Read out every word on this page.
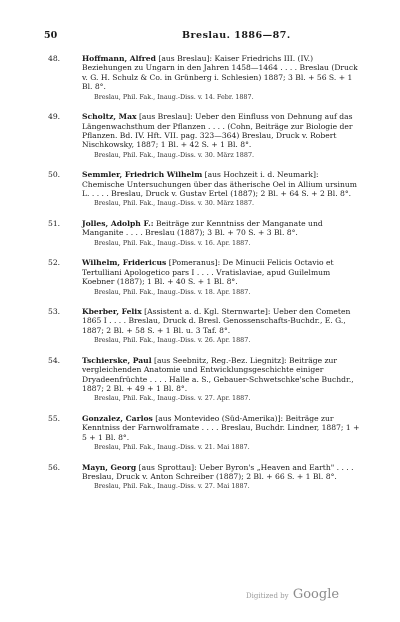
50	Breslau. 1886—87.
48.	Hoffmann, Alfred [aus Breslau]: Kaiser Friedrichs III. (IV.) Beziehungen zu Ungarn in den Jahren 1458—1464 . . . . Breslau (Druck v. G. H. Schulz & Co. in Grünberg i. Schlesien) 1887; 3 Bl. + 56 S. + 1 Bl. 8°.
Breslau, Phil. Fak., Inaug.-Diss. v. 14. Febr. 1887.
49.	Scholtz, Max [aus Breslau]: Ueber den Einfluss von Dehnung auf das Längenwachsthum der Pflanzen . . . . (Cohn, Beiträge zur Biologie der Pflanzen. Bd. IV. Hft. VII. pag. 323—364) Breslau, Druck v. Robert Nischkowsky, 1887; 1 Bl. + 42 S. + 1 Bl. 8°.
Breslau, Phil. Fak., Inaug.-Diss. v. 30. März 1887.
50.	Semmler, Friedrich Wilhelm [aus Hochzeit i. d. Neumark]: Chemische Untersuchungen über das ätherische Oel in Allium ursinum L. . . . . Breslau, Druck v. Gustav Ertel (1887); 2 Bl. + 64 S. + 2 Bl. 8°.
Breslau, Phil. Fak., Inaug.-Diss. v. 30. März 1887.
51.	Jolles, Adolph F.: Beiträge zur Kenntniss der Manganate und Manganite . . . . Breslau (1887); 3 Bl. + 70 S. + 3 Bl. 8°.
Breslau, Phil. Fak., Inaug.-Diss. v. 16. Apr. 1887.
52.	Wilhelm, Fridericus [Pomeranus]: De Minucii Felicis Octavio et Tertulliani Apologetico pars I . . . . Vratislaviae, apud Guilelmum Koebner (1887); 1 Bl. + 40 S. + 1 Bl. 8°.
Breslau, Phil. Fak., Inaug.-Diss. v. 18. Apr. 1887.
53.	Kberber, Felix [Assistent a. d. Kgl. Sternwarte]: Ueber den Cometen 1865 I . . . . Breslau, Druck d. Bresl. Genossenschafts-Buchdr., E. G., 1887; 2 Bl. + 58 S. + 1 Bl. u. 3 Taf. 8°.
Breslau, Phil. Fak., Inaug.-Diss. v. 26. Apr. 1887.
54.	Tschierske, Paul [aus Seebnitz, Reg.-Bez. Liegnitz]: Beiträge zur vergleichenden Anatomie und Entwicklungsgeschichte einiger Dryadeenfrüchte . . . . Halle a. S., Gebauer-Schwetschke'sche Buchdr., 1887; 2 Bl. + 49 + 1 Bl. 8°.
Breslau, Phil. Fak., Inaug.-Diss. v. 27. Apr. 1887.
55.	Gonzalez, Carlos [aus Montevideo (Süd-Amerika)]: Beiträge zur Kenntniss der Farnwolframate . . . . Breslau, Buchdr. Lindner, 1887; 1 + 5 + 1 Bl. 8°.
Breslau, Phil. Fak., Inaug.-Diss. v. 21. Mai 1887.
56.	Mayn, Georg [aus Sprottau]: Ueber Byron's „Heaven and Earth" . . . . Breslau, Druck v. Anton Schreiber (1887); 2 Bl. + 66 S. + 1 Bl. 8°.
Breslau, Phil. Fak., Inaug.-Diss. v. 27. Mai 1887.
Digitized by Google
